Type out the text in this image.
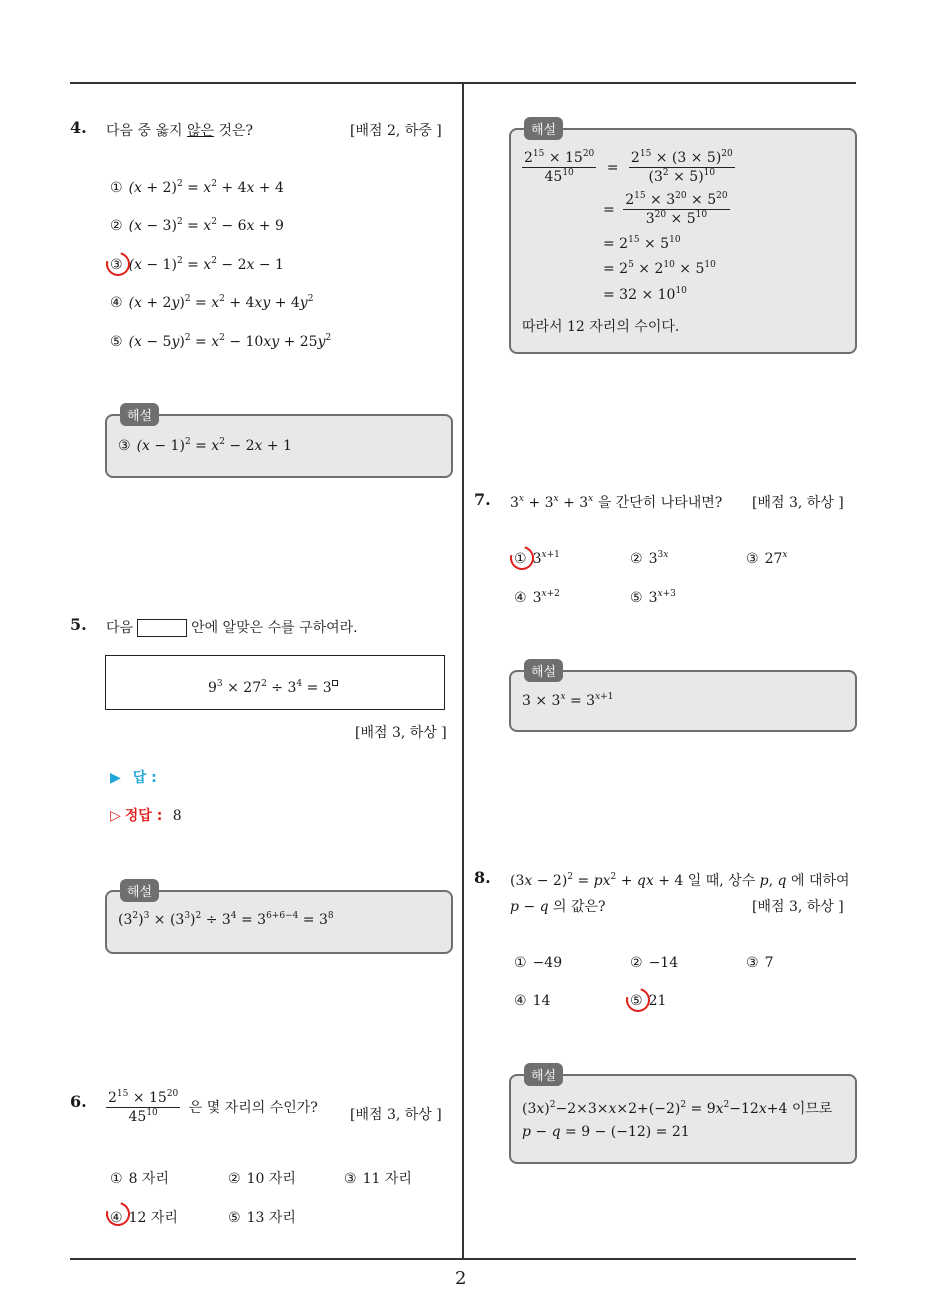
2
4. 다음 중 옳지 않은 것은?	[배점 2, 하중 ]
① $(x + 2)^2 = x^2 + 4x + 4$
② $(x - 3)^2 = x^2 - 6x + 9$
③ $(x - 1)^2 = x^2 - 2x - 1$
④ $(x + 2y)^2 = x^2 + 4xy + 4y^2$
⑤ $(x - 5y)^2 = x^2 - 10xy + 25y^2$
해설
③ $(x - 1)^2 = x^2 - 2x + 1$
5. 다음	안에 알맞은 수를 구하여라.
$9^3 \times 27^2 \div 3^4 = 3$
[배점 3, 하상 ]
▶ 답 :
▷ 정답 : 8
해설
$(3^2)^3 \times (3^3)^2 \div 3^4 = 3^{6+6-4} = 3^8$
6. $\frac{2^{15} \times 15^{20}}{45^{10}}$ 은 몇 자리의 수인가? [배점 3, 하상 ]
① 8 자리	② 10 자리	③ 11 자리
④ 12 자리	⑤ 13 자리
해설
$\frac{2^{15} \times 15^{20}}{45^{10}} = \frac{2^{15} \times (3 \times 5)^{20}}{(3^2 \times 5)^{10}}$
= $\frac{2^{15} \times 3^{20} \times 5^{20}}{3^{20} \times 5^{10}}$
= $2^{15} \times 5^{10}$
= $2^5 \times 2^{10} \times 5^{10}$
= $32 \times 10^{10}$
따라서 12 자리의 수이다.
7. $3^x + 3^x + 3^x$ 을 간단히 나타내면? [배점 3, 하상 ]
① $3^{x+1}$	② $3^{3x}$	③ 27$^x$
④ $3^{x+2}$	⑤ $3^{x+3}$
해설
$3 \times 3^x = 3^{x+1}$
8. $(3x - 2)^2 = px^2$ + qx + 4 일 때, 상수 p, q 에 대하여
p − q 의 값은?	[배점 3, 하상 ]
① −49	② −14	③ 7
④ 14	⑤ 21
해설
$(3x)^2-2\times 3\times x\times 2+(-2)^2 = 9x^2-12x+4$ 이므로
p − q = 9 − (−12) = 21
